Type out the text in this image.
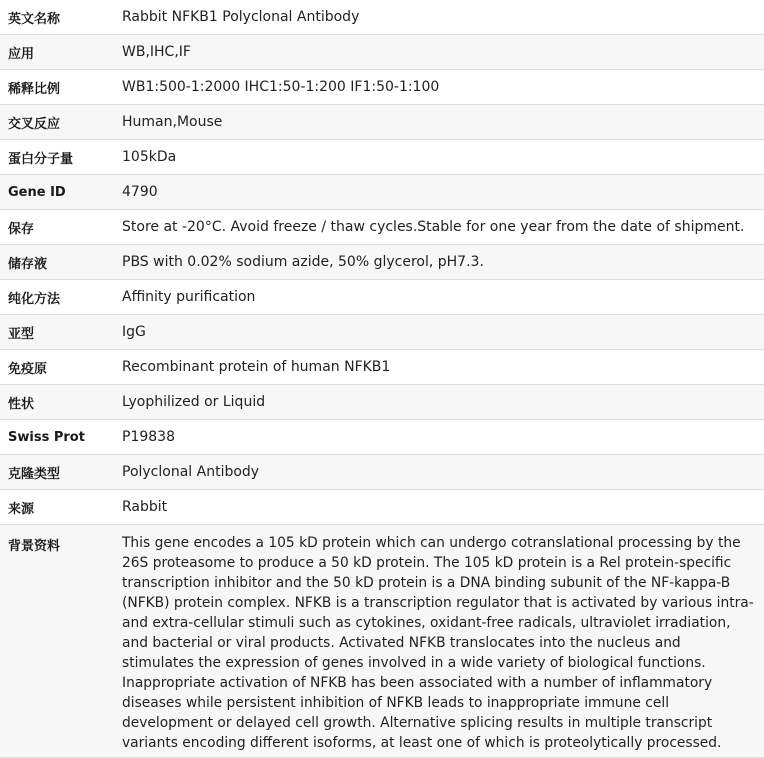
英文名称	Rabbit NFKB1 Polyclonal Antibody
应用	WB,IHC,IF
稀释比例	WB1:500-1:2000 IHC1:50-1:200 IF1:50-1:100
交叉反应	Human,Mouse
蛋白分子量	105kDa
Gene ID	4790
保存	Store at -20°C. Avoid freeze / thaw cycles.Stable for one year from the date of shipment.
储存液	PBS with 0.02% sodium azide, 50% glycerol, pH7.3.
纯化方法	Affinity purification
亚型	IgG
免疫原	Recombinant protein of human NFKB1
性状	Lyophilized or Liquid
Swiss Prot	P19838
克隆类型	Polyclonal Antibody
来源	Rabbit
背景资料	This gene encodes a 105 kD protein which can undergo cotranslational processing by the 26S proteasome to produce a 50 kD protein. The 105 kD protein is a Rel protein-specific transcription inhibitor and the 50 kD protein is a DNA binding subunit of the NF-kappa-B (NFKB) protein complex. NFKB is a transcription regulator that is activated by various intra- and extra-cellular stimuli such as cytokines, oxidant-free radicals, ultraviolet irradiation, and bacterial or viral products. Activated NFKB translocates into the nucleus and stimulates the expression of genes involved in a wide variety of biological functions. Inappropriate activation of NFKB has been associated with a number of inflammatory diseases while persistent inhibition of NFKB leads to inappropriate immune cell development or delayed cell growth. Alternative splicing results in multiple transcript variants encoding different isoforms, at least one of which is proteolytically processed.
